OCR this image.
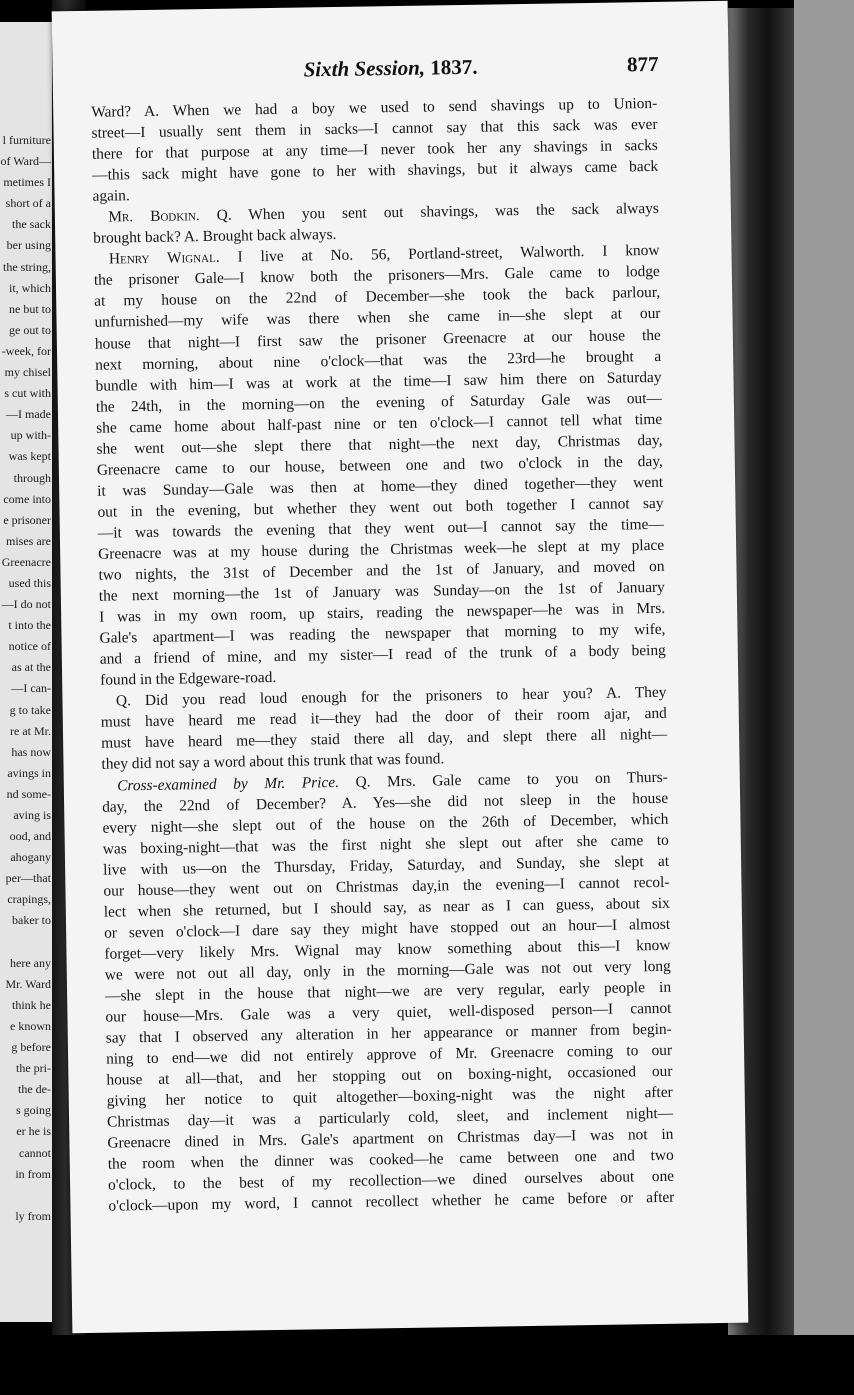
l furniture
of Ward—
metimes I
short of a
the sack
ber using
the string,
it, which
ne but to
ge out to
-week, for
my chisel
s cut with
—I made
up with-
was kept
through
come into
e prisoner
mises are
Greenacre
used this
—I do not
t into the
notice of
as at the
—I can-
g to take
re at Mr.
has now
avings in
nd some-
aving is
ood, and
ahogany
per—that
crapings,
baker to
here any
Mr. Ward
think he
e known
g before
the pri-
the de-
s going
er he is
cannot
in from
ly from
Sixth Session, 1837.	877
Ward? A. When we had a boy we used to send shavings up to Union-
street—I usually sent them in sacks—I cannot say that this sack was ever
there for that purpose at any time—I never took her any shavings in sacks
—this sack might have gone to her with shavings, but it always came back
again.
 Mr. Bodkin. Q. When you sent out shavings, was the sack always
brought back? A. Brought back always.
 Henry Wignal. I live at No. 56, Portland-street, Walworth. I know
the prisoner Gale—I know both the prisoners—Mrs. Gale came to lodge
at my house on the 22nd of December—she took the back parlour,
unfurnished—my wife was there when she came in—she slept at our
house that night—I first saw the prisoner Greenacre at our house the
next morning, about nine o'clock—that was the 23rd—he brought a
bundle with him—I was at work at the time—I saw him there on Saturday
the 24th, in the morning—on the evening of Saturday Gale was out—
she came home about half-past nine or ten o'clock—I cannot tell what time
she went out—she slept there that night—the next day, Christmas day,
Greenacre came to our house, between one and two o'clock in the day,
it was Sunday—Gale was then at home—they dined together—they went
out in the evening, but whether they went out both together I cannot say
—it was towards the evening that they went out—I cannot say the time—
Greenacre was at my house during the Christmas week—he slept at my place
two nights, the 31st of December and the 1st of January, and moved on
the next morning—the 1st of January was Sunday—on the 1st of January
I was in my own room, up stairs, reading the newspaper—he was in Mrs.
Gale's apartment—I was reading the newspaper that morning to my wife,
and a friend of mine, and my sister—I read of the trunk of a body being
found in the Edgeware-road.
 Q. Did you read loud enough for the prisoners to hear you? A. They
must have heard me read it—they had the door of their room ajar, and
must have heard me—they staid there all day, and slept there all night—
they did not say a word about this trunk that was found.
 Cross-examined by Mr. Price. Q. Mrs. Gale came to you on Thurs-
day, the 22nd of December? A. Yes—she did not sleep in the house
every night—she slept out of the house on the 26th of December, which
was boxing-night—that was the first night she slept out after she came to
live with us—on the Thursday, Friday, Saturday, and Sunday, she slept at
our house—they went out on Christmas day,in the evening—I cannot recol-
lect when she returned, but I should say, as near as I can guess, about six
or seven o'clock—I dare say they might have stopped out an hour—I almost
forget—very likely Mrs. Wignal may know something about this—I know
we were not out all day, only in the morning—Gale was not out very long
—she slept in the house that night—we are very regular, early people in
our house—Mrs. Gale was a very quiet, well-disposed person—I cannot
say that I observed any alteration in her appearance or manner from begin-
ning to end—we did not entirely approve of Mr. Greenacre coming to our
house at all—that, and her stopping out on boxing-night, occasioned our
giving her notice to quit altogether—boxing-night was the night after
Christmas day—it was a particularly cold, sleet, and inclement night—
Greenacre dined in Mrs. Gale's apartment on Christmas day—I was not in
the room when the dinner was cooked—he came between one and two
o'clock, to the best of my recollection—we dined ourselves about one
o'clock—upon my word, I cannot recollect whether he came before or after
